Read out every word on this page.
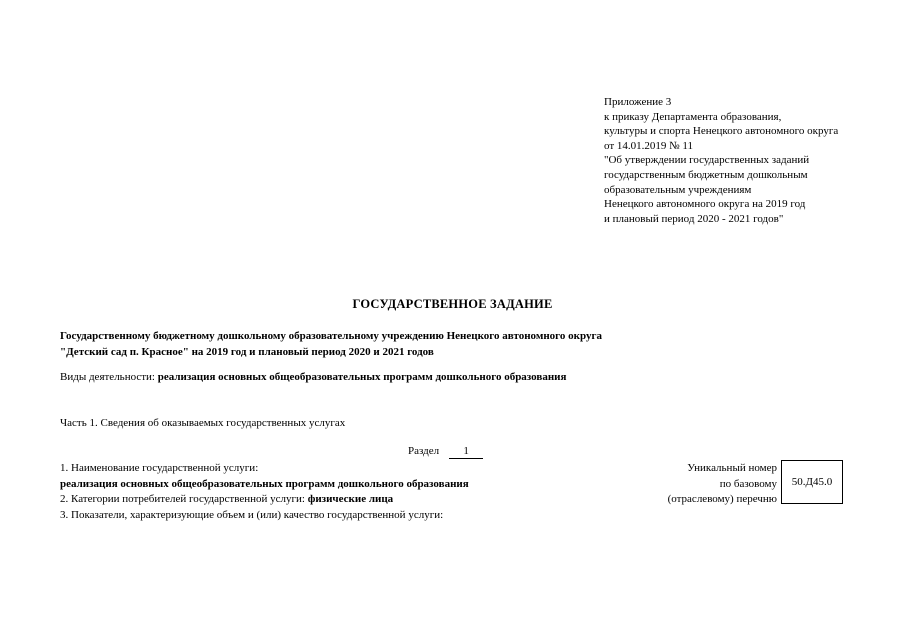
Приложение 3
к приказу Департамента образования,
культуры и спорта Ненецкого автономного округа
от 14.01.2019 № 11
"Об утверждении государственных заданий
государственным бюджетным дошкольным
образовательным учреждениям
Ненецкого автономного округа на 2019 год
и плановый период 2020 - 2021 годов"
ГОСУДАРСТВЕННОЕ ЗАДАНИЕ
Государственному бюджетному дошкольному образовательному учреждению Ненецкого автономного округа
"Детский сад п. Красное" на 2019 год и плановый период 2020 и 2021 годов
Виды деятельности: реализация основных общеобразовательных программ дошкольного образования
Часть 1. Сведения об оказываемых государственных услугах
Раздел 1
1. Наименование государственной услуги:
реализация основных общеобразовательных программ дошкольного образования
2. Категории потребителей государственной услуги: физические лица
3. Показатели, характеризующие объем и (или) качество государственной услуги:
Уникальный номер
по базовому
(отраслевому) перечню
50.Д45.0
